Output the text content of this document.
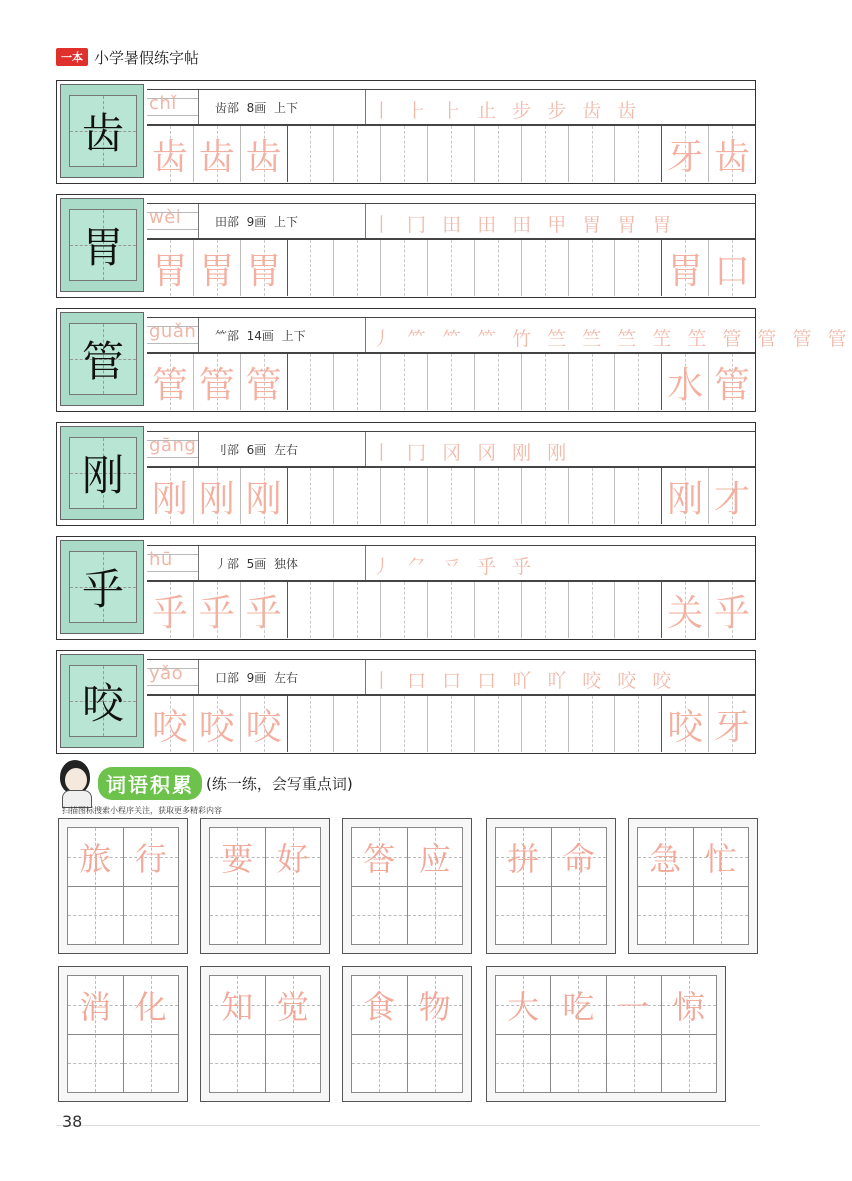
一本 小学暑假练字帖
齿
chǐ	齿部 8画 上下	丨 ⺊ ⺊ 止 步 步 齿 齿
齿 齿 齿	牙 齿
胃
wèi	田部 9画 上下	丨 冂 田 田 田 甲 胃 胃 胃
胃 胃 胃	胃 口
管
guǎn ⺮部 14画 上下	丿 ⺮ ⺮ ⺮ 竹 竺 竺 竺 笁 笁 管 管 管 管
管 管 管	水 管
刚
gāng 刂部 6画 左右	丨 冂 冈 冈 刚 刚
刚 刚 刚	刚 才
乎
hū	丿部 5画 独体	丿 ⺈ 乊 乎 乎
乎 乎 乎	关 乎
咬
yǎo	口部 9画 左右	丨 口 口 口 吖 吖 咬 咬 咬
咬 咬 咬	咬 牙
词语积累 (练一练，会写重点词)
扫描图标搜索小程序关注，获取更多精彩内容
旅 行	要 好	答 应	拼 命	急 忙
消 化	知 觉	食 物	大 吃 一 惊
38
